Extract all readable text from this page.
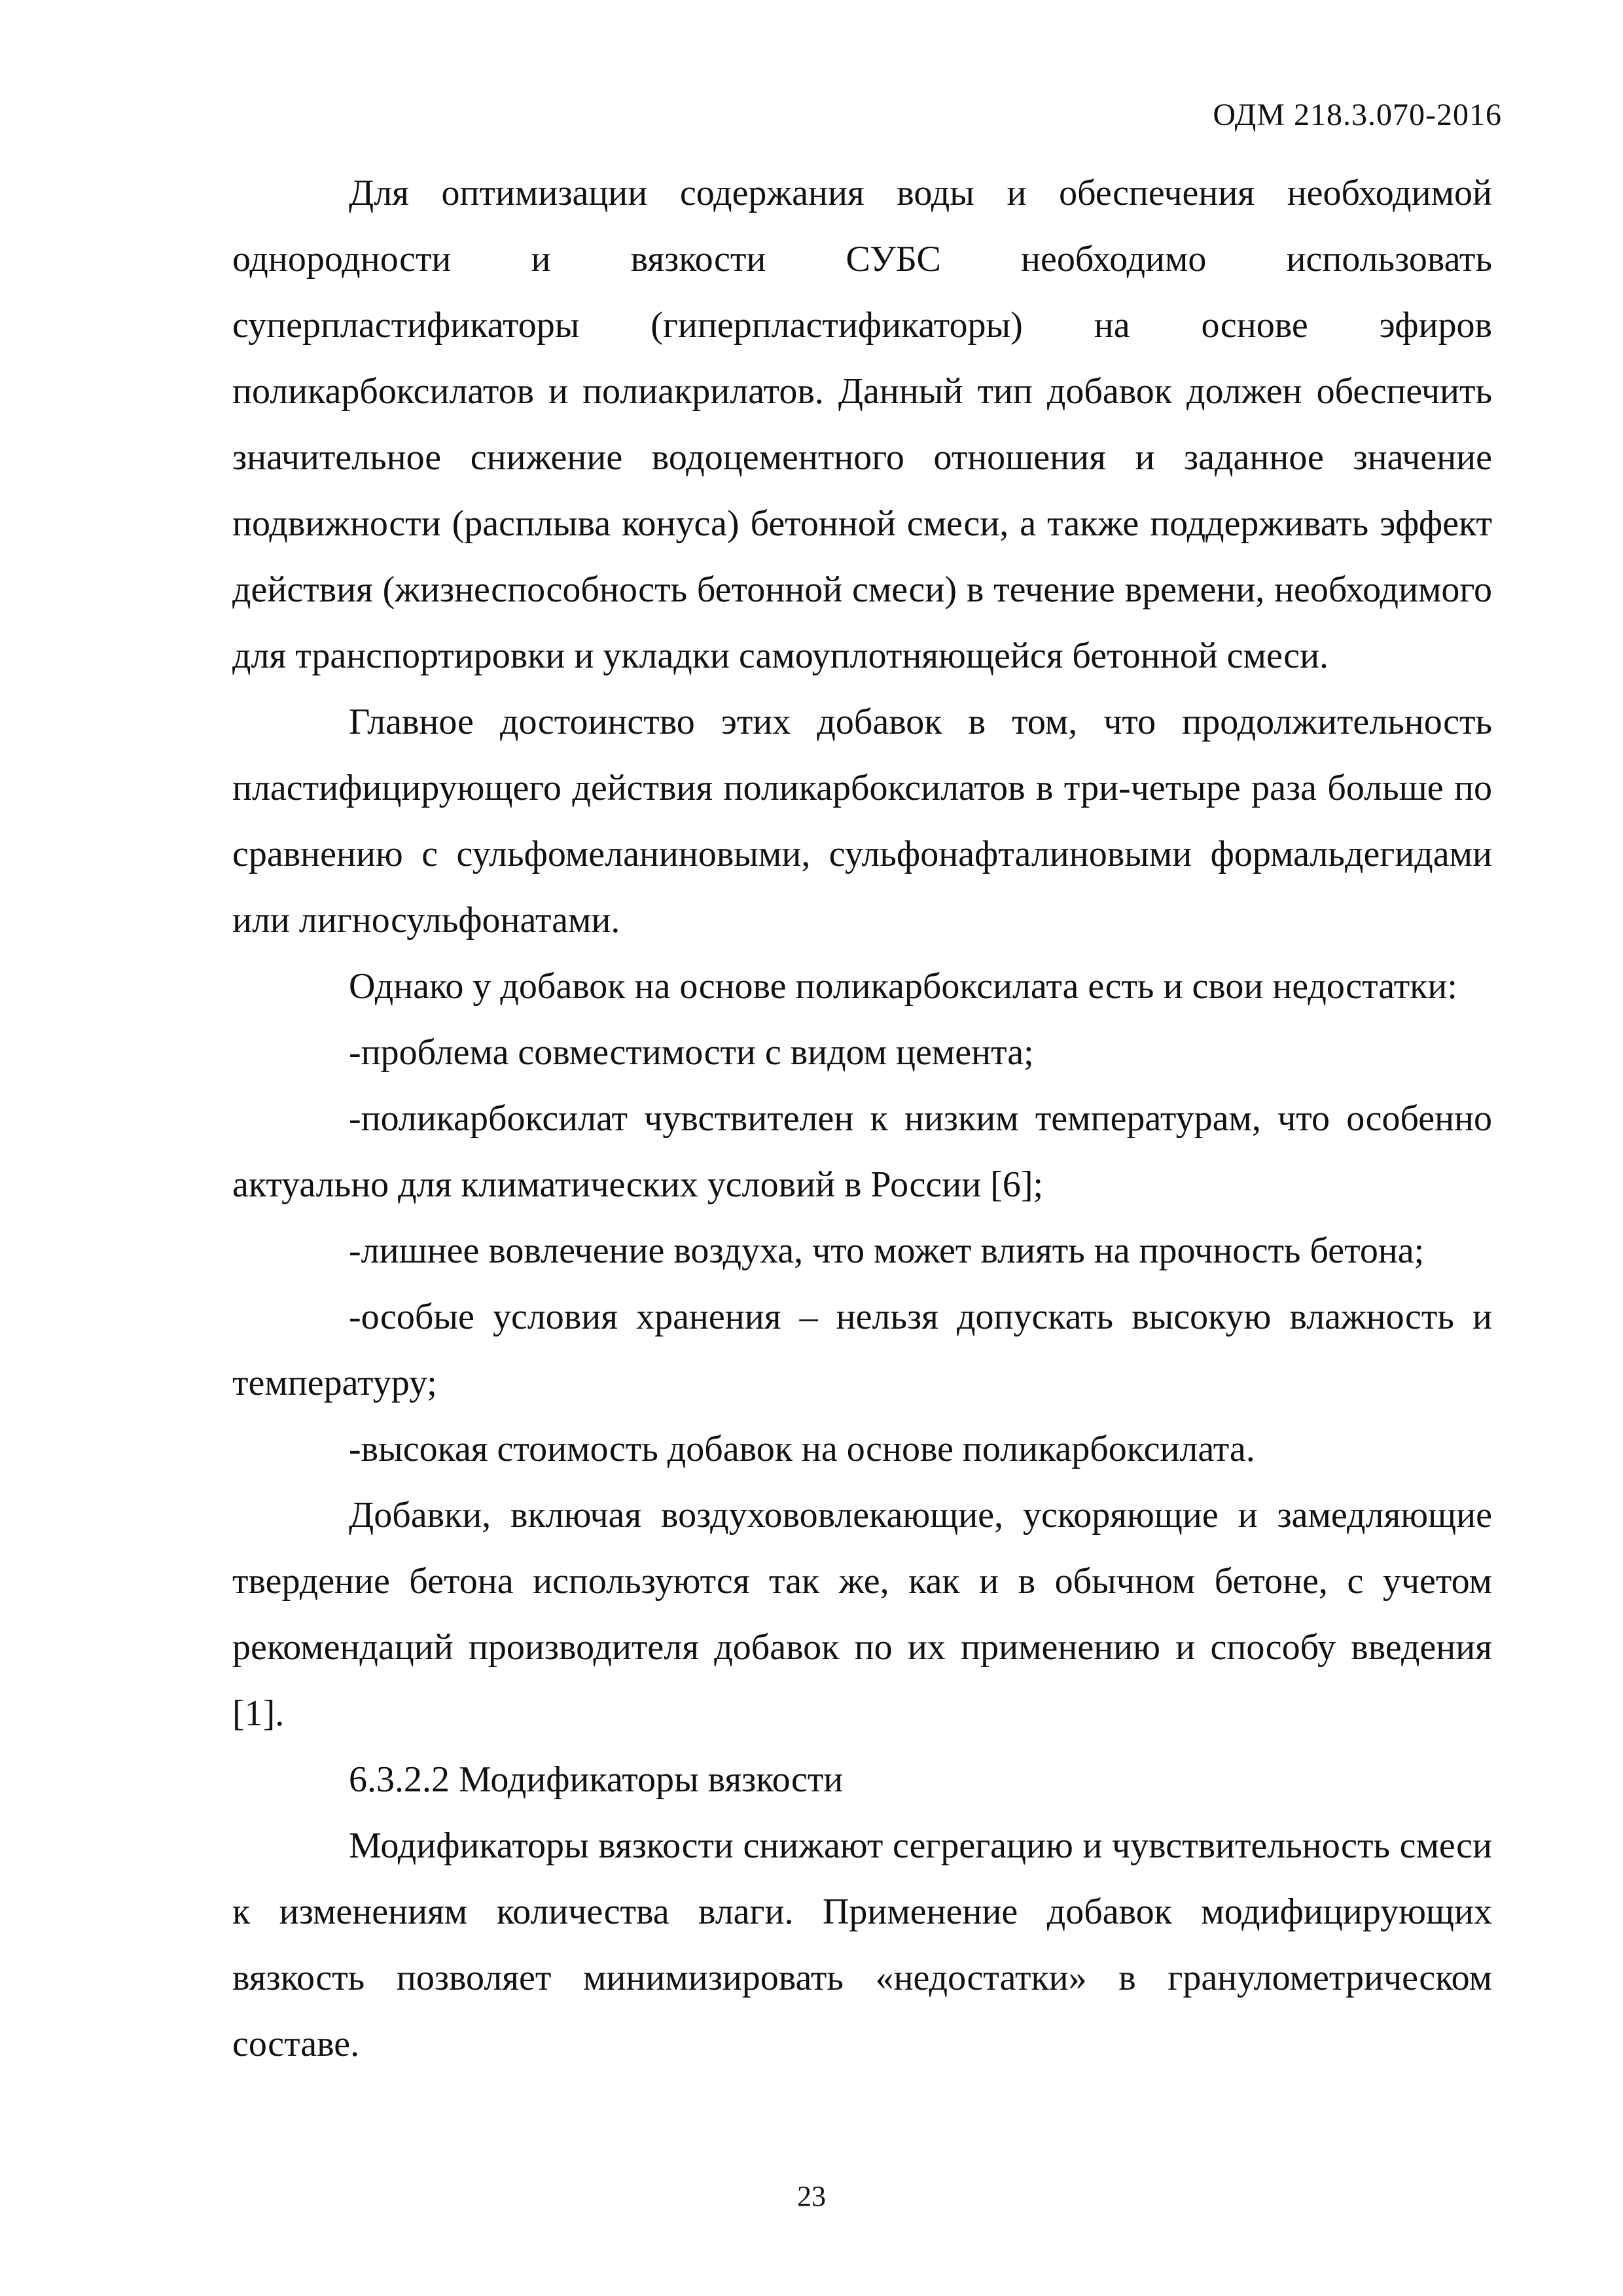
ОДМ 218.3.070-2016

Для оптимизации содержания воды и обеспечения необходимой однородности и вязкости СУБС необходимо использовать суперпластификаторы (гиперпластификаторы) на основе эфиров поликарбоксилатов и полиакрилатов. Данный тип добавок должен обеспечить значительное снижение водоцементного отношения и заданное значение подвижности (расплыва конуса) бетонной смеси, а также поддерживать эффект действия (жизнеспособность бетонной смеси) в течение времени, необходимого для транспортировки и укладки самоуплотняющейся бетонной смеси.

Главное достоинство этих добавок в том, что продолжительность пластифицирующего действия поликарбоксилатов в три-четыре раза больше по сравнению с сульфомеланиновыми, сульфонафталиновыми формальдегидами или лигносульфонатами.

Однако у добавок на основе поликарбоксилата есть и свои недостатки:

-проблема совместимости с видом цемента;

-поликарбоксилат чувствителен к низким температурам, что особенно актуально для климатических условий в России [6];

-лишнее вовлечение воздуха, что может влиять на прочность бетона;

-особые условия хранения – нельзя допускать высокую влажность и температуру;

-высокая стоимость добавок на основе поликарбоксилата.

Добавки, включая воздухововлекающие, ускоряющие и замедляющие твердение бетона используются так же, как и в обычном бетоне, с учетом рекомендаций производителя добавок по их применению и способу введения [1].

6.3.2.2 Модификаторы вязкости

Модификаторы вязкости снижают сегрегацию и чувствительность смеси к изменениям количества влаги. Применение добавок модифицирующих вязкость позволяет минимизировать «недостатки» в гранулометрическом составе.

23
